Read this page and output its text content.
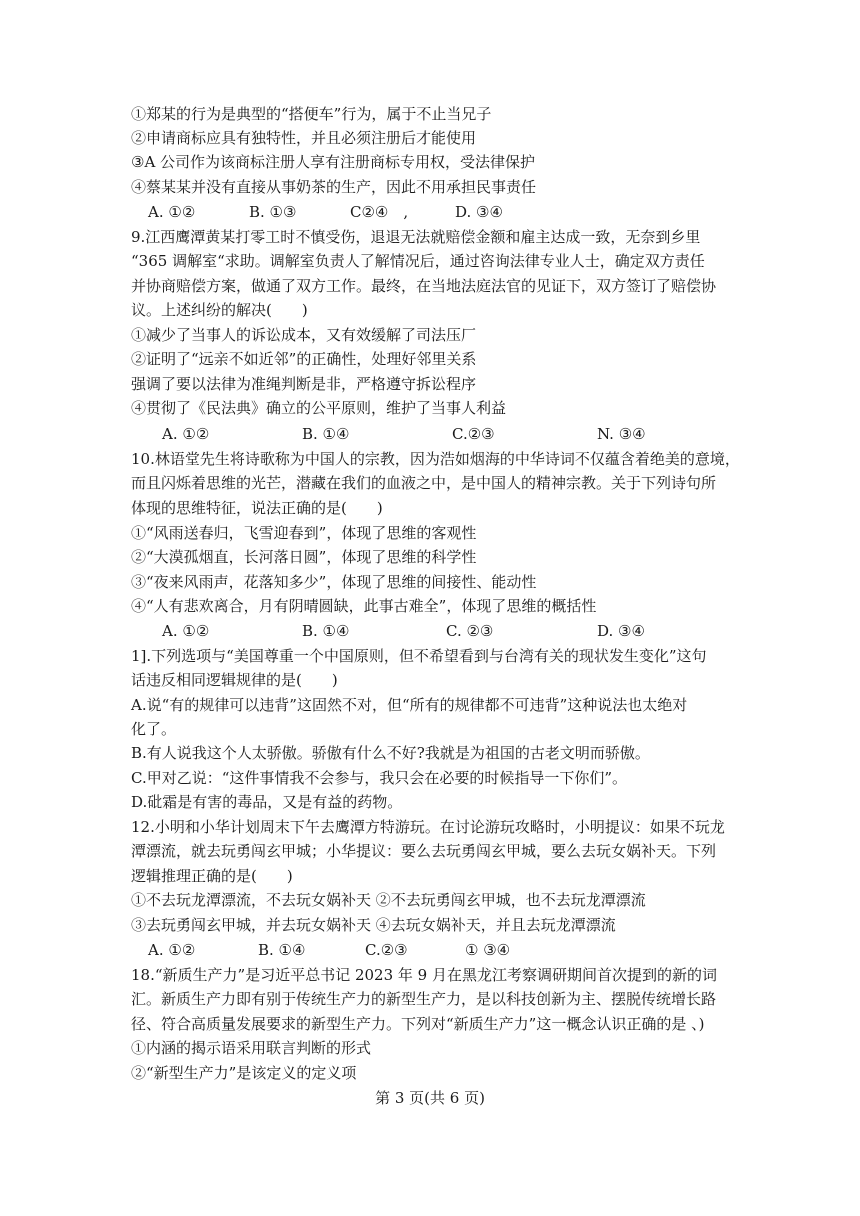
①郑某的行为是典型的“搭便车”行为，属于不止当兄子
②申请商标应具有独特性，并且必须注册后才能使用
③A 公司作为该商标注册人享有注册商标专用权，受法律保护
④蔡某某并没有直接从事奶茶的生产，因此不用承担民事责任
A. ①②	B. ①③	C②④　,	D. ③④
9.江西鹰潭黄某打零工时不慎受伤，退退无法就赔偿金额和雇主达成一致，无奈到乡里
“365 调解室“求助。调解室负责人了解情况后，通过咨询法律专业人士，确定双方责任
并协商赔偿方案，做通了双方工作。最终，在当地法庭法官的见证下，双方签订了赔偿协
议。上述纠纷的解决(　　)
①减少了当事人的诉讼成本，又有效缓解了司法压厂
②证明了“远亲不如近邻”的正确性，处理好邻里关系
强调了要以法律为准绳判断是非，严格遵守拆讼程序
④贯彻了《民法典》确立的公平原则，维护了当事人利益
A. ①②	B. ①④	C.②③	N. ③④
10.林语堂先生将诗歌称为中国人的宗教，因为浩如烟海的中华诗词不仅蕴含着绝美的意境，
而且闪烁着思维的光芒，潜藏在我们的血液之中，是中国人的精神宗教。关于下列诗句所
体现的思维特征，说法正确的是(　　)
①“风雨送春归，飞雪迎春到”，体现了思维的客观性
②“大漠孤烟直，长河落日圆”，体现了思维的科学性
③“夜来风雨声，花落知多少”，体现了思维的间接性、能动性
④“人有悲欢离合，月有阴晴圆缺，此事古难全”，体现了思维的概括性
A. ①②	B. ①④	C. ②③	D. ③④
1].下列选项与“美国尊重一个中国原则，但不希望看到与台湾有关的现状发生变化”这句
话违反相同逻辑规律的是(　　)
A.说“有的规律可以违背”这固然不对，但“所有的规律都不可违背”这种说法也太绝对
化了。
B.有人说我这个人太骄傲。骄傲有什么不好?我就是为祖国的古老文明而骄傲。
C.甲对乙说：“这件事情我不会参与，我只会在必要的时候指导一下你们”。
D.砒霜是有害的毒品，又是有益的药物。
12.小明和小华计划周末下午去鹰潭方特游玩。在讨论游玩攻略时，小明提议：如果不玩龙
潭漂流，就去玩勇闯玄甲城；小华提议：要么去玩勇闯玄甲城，要么去玩女娲补天。下列
逻辑推理正确的是(　　)
①不去玩龙潭漂流，不去玩女娲补天 ②不去玩勇闯玄甲城，也不去玩龙潭漂流
③去玩勇闯玄甲城，并去玩女娲补天 ④去玩女娲补天，并且去玩龙潭漂流
A. ①②	B. ①④	C.②③	① ③④
18.“新质生产力”是习近平总书记 2023 年 9 月在黑龙江考察调研期间首次提到的新的词
汇。新质生产力即有别于传统生产力的新型生产力，是以科技创新为主、摆脱传统增长路
径、符合高质量发展要求的新型生产力。下列对“新质生产力”这一概念认识正确的是 、)
①内涵的揭示语采用联言判断的形式
②“新型生产力”是该定义的定义项
第 3 页(共 6 页)
